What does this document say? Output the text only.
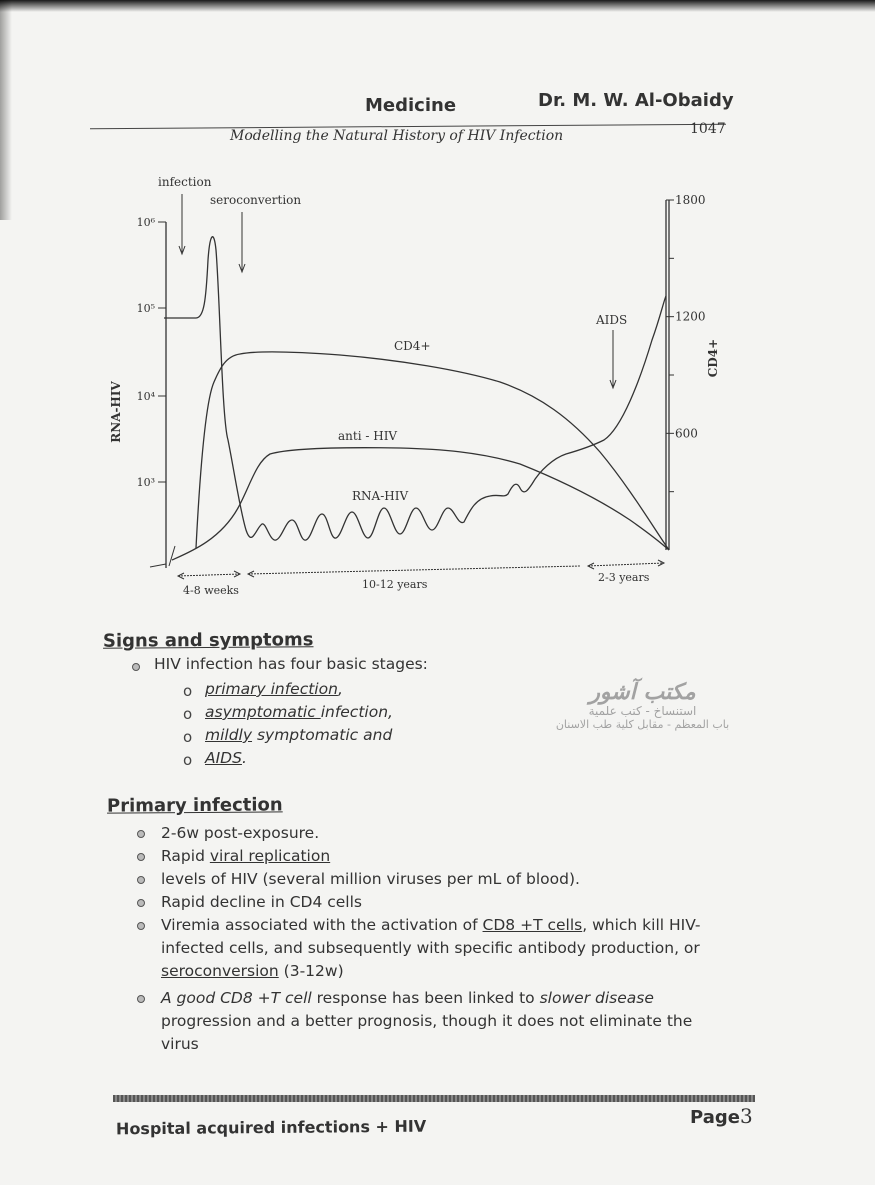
Medicine	Dr. M. W. Al-Obaidy
Modelling the Natural History of HIV Infection	1047
10⁶
10⁵
10⁴
10³
1800
1200
600
RNA-HIV
CD4+
CD4+
anti - HIV
RNA-HIV
infection
seroconvertion
AIDS
4-8 weeks	10-12 years
2-3 years
Signs and symptoms
HIV infection has four basic stages:
o primary infection,
o asymptomatic infection,
o mildly symptomatic and
o AIDS.
مكتب آشور
استنساخ - كتب علمية
باب المعظم - مقابل كلية طب الاسنان
Primary infection
2-6w post-exposure.
Rapid viral replication
levels of HIV (several million viruses per mL of blood).
Rapid decline in CD4 cells
Viremia associated with the activation of CD8 +T cells, which kill HIV-
infected cells, and subsequently with specific antibody production, or
seroconversion (3-12w)
A good CD8 +T cell response has been linked to slower disease
progression and a better prognosis, though it does not eliminate the
virus
Hospital acquired infections + HIV	Page3
